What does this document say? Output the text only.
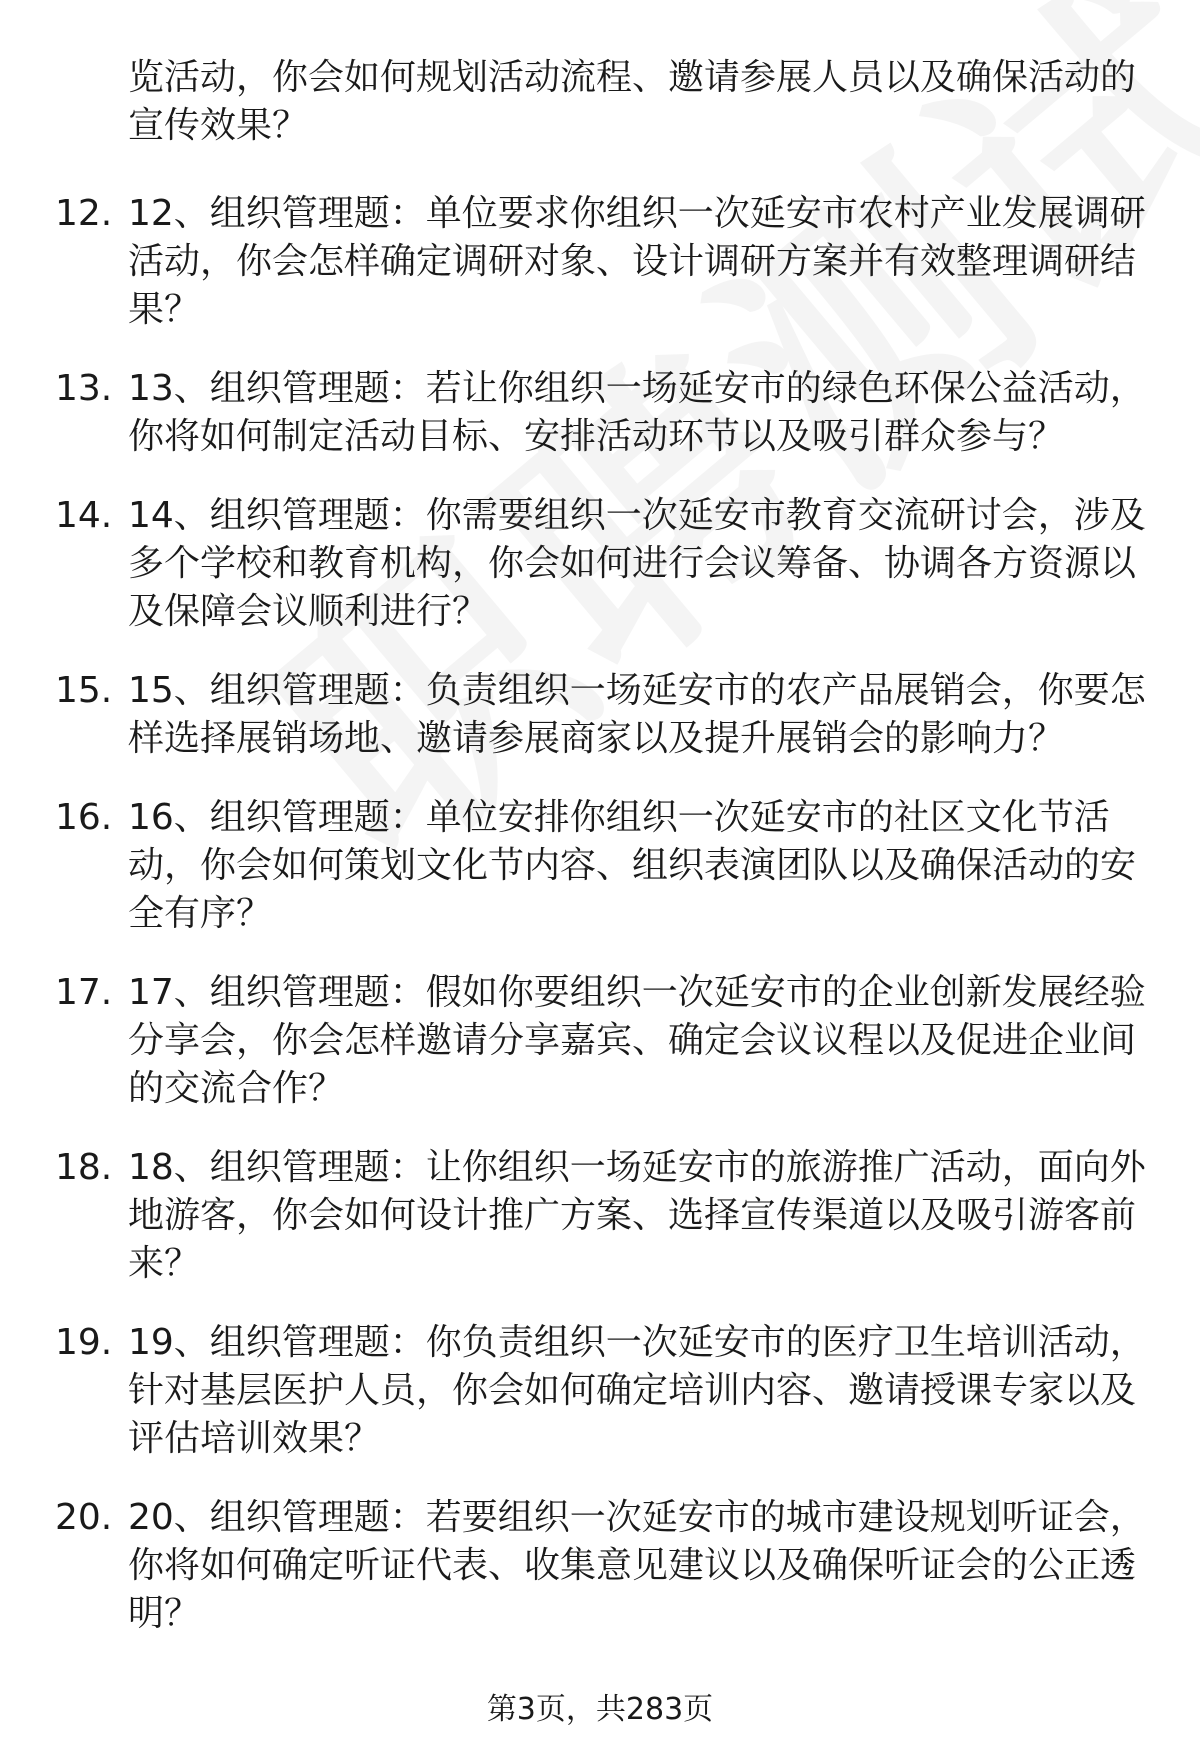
览活动，你会如何规划活动流程、邀请参展人员以及确保活动的宣传效果？
12. 12、组织管理题：单位要求你组织一次延安市农村产业发展调研活动，你会怎样确定调研对象、设计调研方案并有效整理调研结果？
13. 13、组织管理题：若让你组织一场延安市的绿色环保公益活动，你将如何制定活动目标、安排活动环节以及吸引群众参与？
14. 14、组织管理题：你需要组织一次延安市教育交流研讨会，涉及多个学校和教育机构，你会如何进行会议筹备、协调各方资源以及保障会议顺利进行？
15. 15、组织管理题：负责组织一场延安市的农产品展销会，你要怎样选择展销场地、邀请参展商家以及提升展销会的影响力？
16. 16、组织管理题：单位安排你组织一次延安市的社区文化节活动，你会如何策划文化节内容、组织表演团队以及确保活动的安全有序？
17. 17、组织管理题：假如你要组织一次延安市的企业创新发展经验分享会，你会怎样邀请分享嘉宾、确定会议议程以及促进企业间的交流合作？
18. 18、组织管理题：让你组织一场延安市的旅游推广活动，面向外地游客，你会如何设计推广方案、选择宣传渠道以及吸引游客前来？
19. 19、组织管理题：你负责组织一次延安市的医疗卫生培训活动，针对基层医护人员，你会如何确定培训内容、邀请授课专家以及评估培训效果？
20. 20、组织管理题：若要组织一次延安市的城市建设规划听证会，你将如何确定听证代表、收集意见建议以及确保听证会的公正透明？
第3页，共283页
